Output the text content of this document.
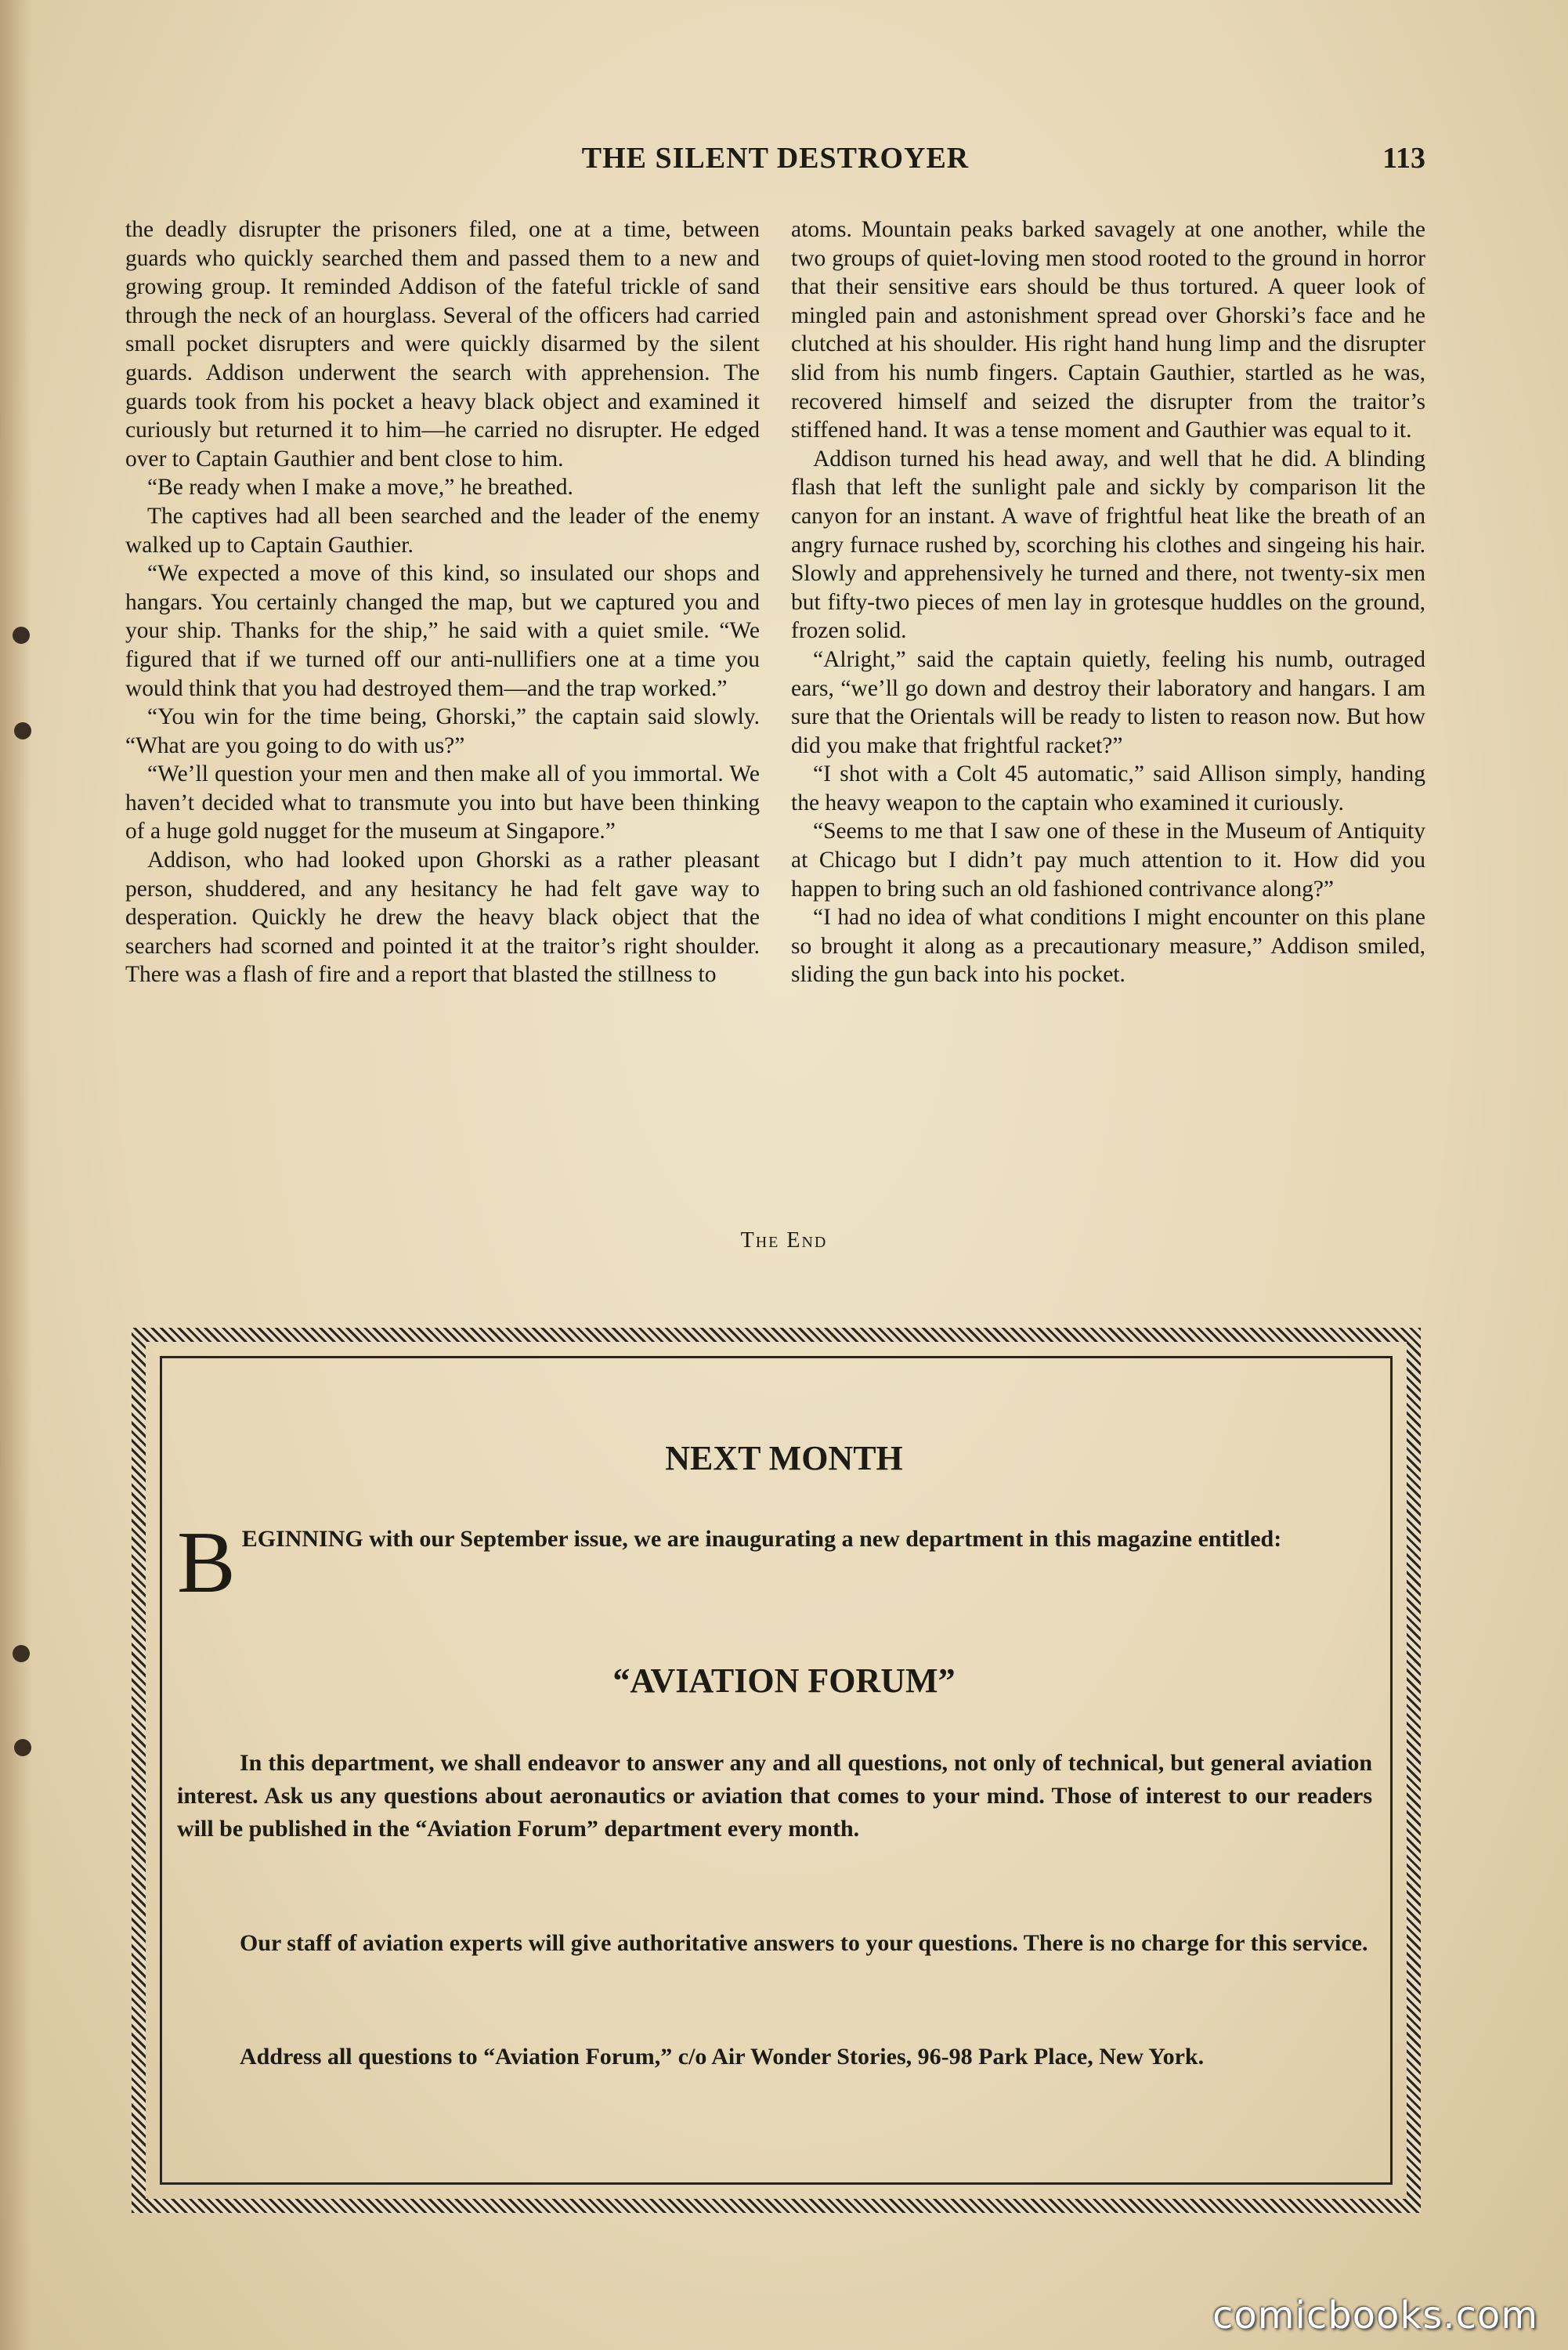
THE SILENT DESTROYER	113

the deadly disrupter the prisoners filed, one at a time, between guards who quickly searched them and passed them to a new and growing group. It reminded Addison of the fateful trickle of sand through the neck of an hourglass. Several of the officers had carried small pocket disrupters and were quickly disarmed by the silent guards. Addison underwent the search with apprehension. The guards took from his pocket a heavy black object and examined it curiously but returned it to him—he carried no disrupter. He edged over to Captain Gauthier and bent close to him.

“Be ready when I make a move,” he breathed.

The captives had all been searched and the leader of the enemy walked up to Captain Gauthier.

“We expected a move of this kind, so insulated our shops and hangars. You certainly changed the map, but we captured you and your ship. Thanks for the ship,” he said with a quiet smile. “We figured that if we turned off our anti-nullifiers one at a time you would think that you had destroyed them—and the trap worked.”

“You win for the time being, Ghorski,” the captain said slowly. “What are you going to do with us?”

“We’ll question your men and then make all of you immortal. We haven’t decided what to transmute you into but have been thinking of a huge gold nugget for the museum at Singapore.”

Addison, who had looked upon Ghorski as a rather pleasant person, shuddered, and any hesitancy he had felt gave way to desperation. Quickly he drew the heavy black object that the searchers had scorned and pointed it at the traitor’s right shoulder. There was a flash of fire and a report that blasted the stillness to

atoms. Mountain peaks barked savagely at one another, while the two groups of quiet-loving men stood rooted to the ground in horror that their sensitive ears should be thus tortured. A queer look of mingled pain and astonishment spread over Ghorski’s face and he clutched at his shoulder. His right hand hung limp and the disrupter slid from his numb fingers. Captain Gauthier, startled as he was, recovered himself and seized the disrupter from the traitor’s stiffened hand. It was a tense moment and Gauthier was equal to it.

Addison turned his head away, and well that he did. A blinding flash that left the sunlight pale and sickly by comparison lit the canyon for an instant. A wave of frightful heat like the breath of an angry furnace rushed by, scorching his clothes and singeing his hair. Slowly and apprehensively he turned and there, not twenty-six men but fifty-two pieces of men lay in grotesque huddles on the ground, frozen solid.

“Alright,” said the captain quietly, feeling his numb, outraged ears, “we’ll go down and destroy their laboratory and hangars. I am sure that the Orientals will be ready to listen to reason now. But how did you make that frightful racket?”

“I shot with a Colt 45 automatic,” said Allison simply, handing the heavy weapon to the captain who examined it curiously.

“Seems to me that I saw one of these in the Museum of Antiquity at Chicago but I didn’t pay much attention to it. How did you happen to bring such an old fashioned contrivance along?”

“I had no idea of what conditions I might encounter on this plane so brought it along as a precautionary measure,” Addison smiled, sliding the gun back into his pocket.

The End
NEXT MONTH
BEGINNING with our September issue, we are inaugurating a new department in this magazine entitled:
“AVIATION FORUM”
In this department, we shall endeavor to answer any and all questions, not only of technical, but general aviation interest. Ask us any questions about aeronautics or aviation that comes to your mind. Those of interest to our readers will be published in the “Aviation Forum” department every month.
Our staff of aviation experts will give authoritative answers to your questions. There is no charge for this service.
Address all questions to “Aviation Forum,” c/o Air Wonder Stories, 96-98 Park Place, New York.
comicbooks.com
